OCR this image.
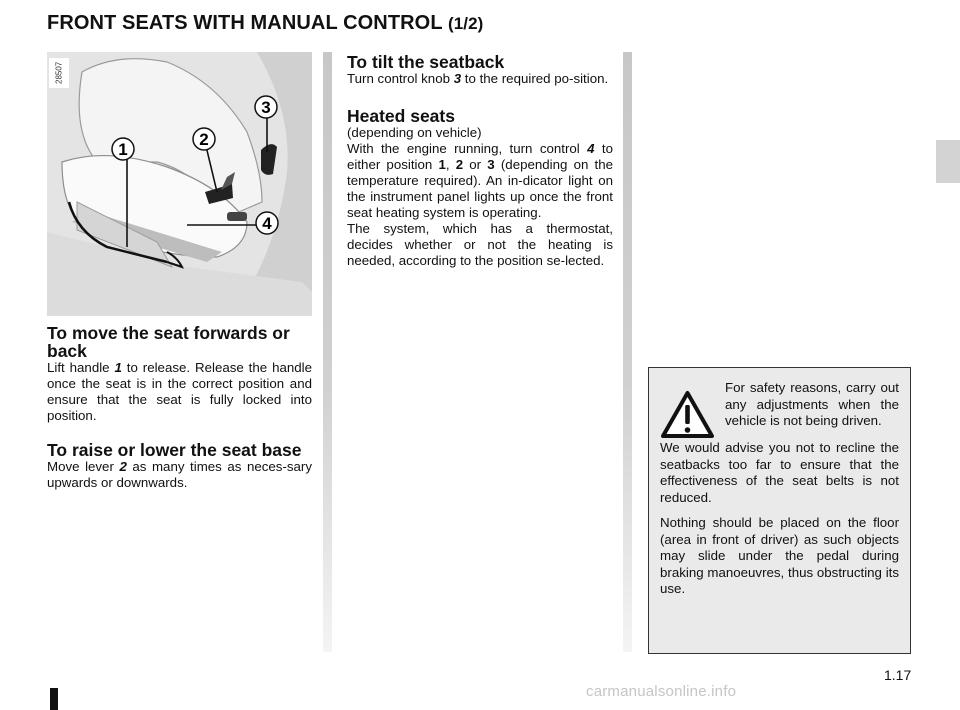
FRONT SEATS WITH MANUAL CONTROL (1/2)
1
2
3
4
28507
To move the seat forwards or back

Lift handle 1 to release. Release the handle once the seat is in the correct position and ensure that the seat is fully locked into position.

To raise or lower the seat base

Move lever 2 as many times as neces-sary upwards or downwards.

To tilt the seatback

Turn control knob 3 to the required po-sition.

Heated seats

(depending on vehicle)

With the engine running, turn control 4 to either position 1, 2 or 3 (depending on the temperature required). An in-dicator light on the instrument panel lights up once the front seat heating system is operating.

The system, which has a thermostat, decides whether or not the heating is needed, according to the position se-lected.

For safety reasons, carry out any adjustments when the vehicle is not being driven.

We would advise you not to recline the seatbacks too far to ensure that the effectiveness of the seat belts is not reduced.

Nothing should be placed on the floor (area in front of driver) as such objects may slide under the pedal during braking manoeuvres, thus obstructing its use.

1.17
carmanualsonline.info
